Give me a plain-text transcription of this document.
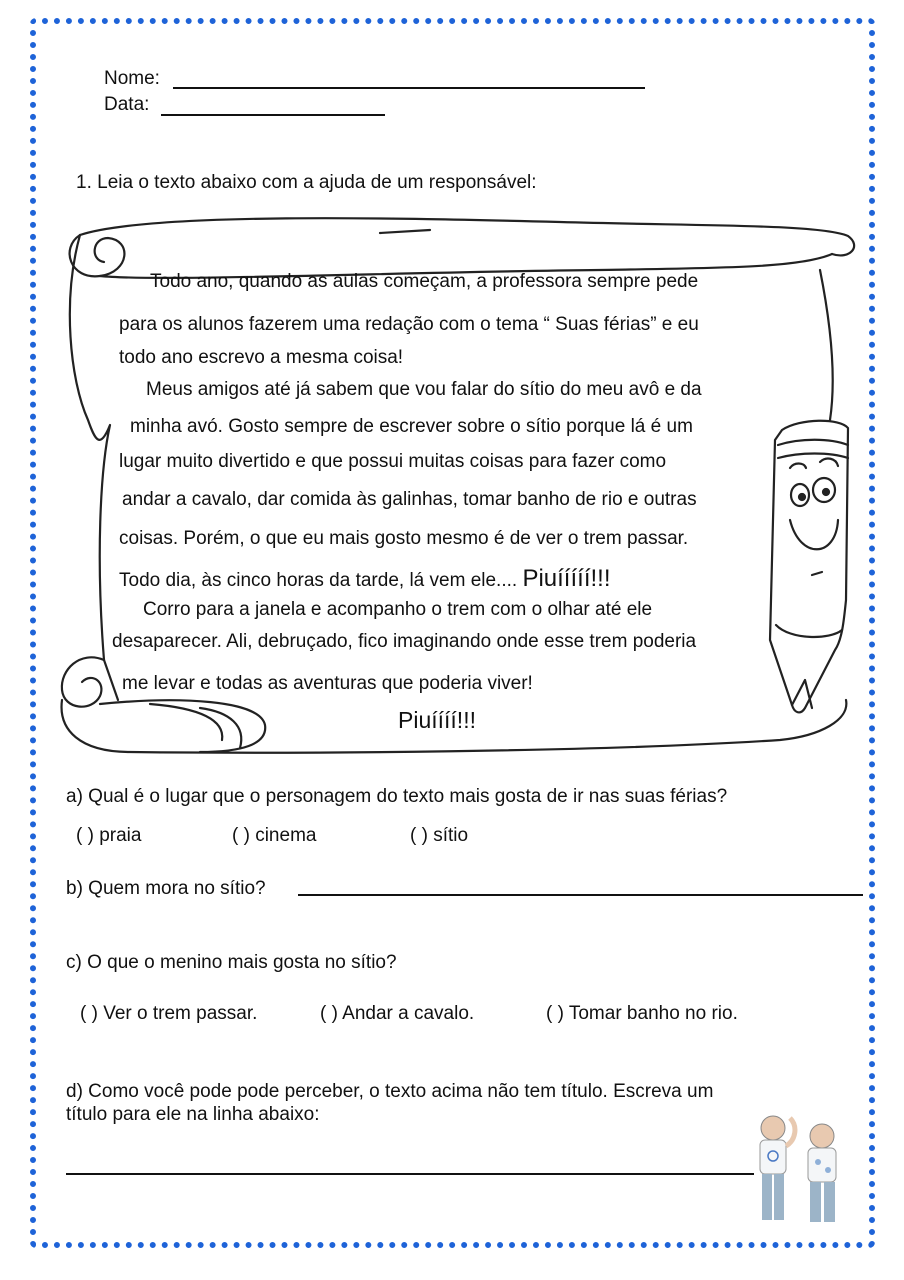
Nome:
Data:
1. Leia o texto abaixo com a ajuda de um responsável:
Todo ano, quando as aulas começam, a professora sempre pede
para os alunos fazerem uma redação com o tema “ Suas férias” e eu
todo ano escrevo a mesma coisa!
Meus amigos até já sabem que vou falar do sítio do meu avô e da
minha avó. Gosto sempre de escrever sobre o sítio porque lá é um
lugar muito divertido e que possui muitas coisas para fazer como
andar a cavalo, dar comida às galinhas, tomar banho de rio e outras
coisas. Porém, o que eu mais gosto mesmo é de ver o trem passar.
Todo dia, às cinco horas da tarde, lá vem ele.... Piuííííí!!!
Corro para a janela e acompanho o trem com o olhar até ele
desaparecer. Ali, debruçado, fico imaginando onde esse trem poderia
me levar e todas as aventuras que poderia viver!
Piuíííí!!!
a) Qual é o lugar que o personagem do texto mais gosta de ir nas suas férias?
( ) praia	( ) cinema	( ) sítio
b) Quem mora no sítio?
c) O que o menino mais gosta no sítio?
( ) Ver o trem passar.	( ) Andar a cavalo.	( ) Tomar banho no rio.
d) Como você pode pode perceber, o texto acima não tem título. Escreva um
título para ele na linha abaixo:
